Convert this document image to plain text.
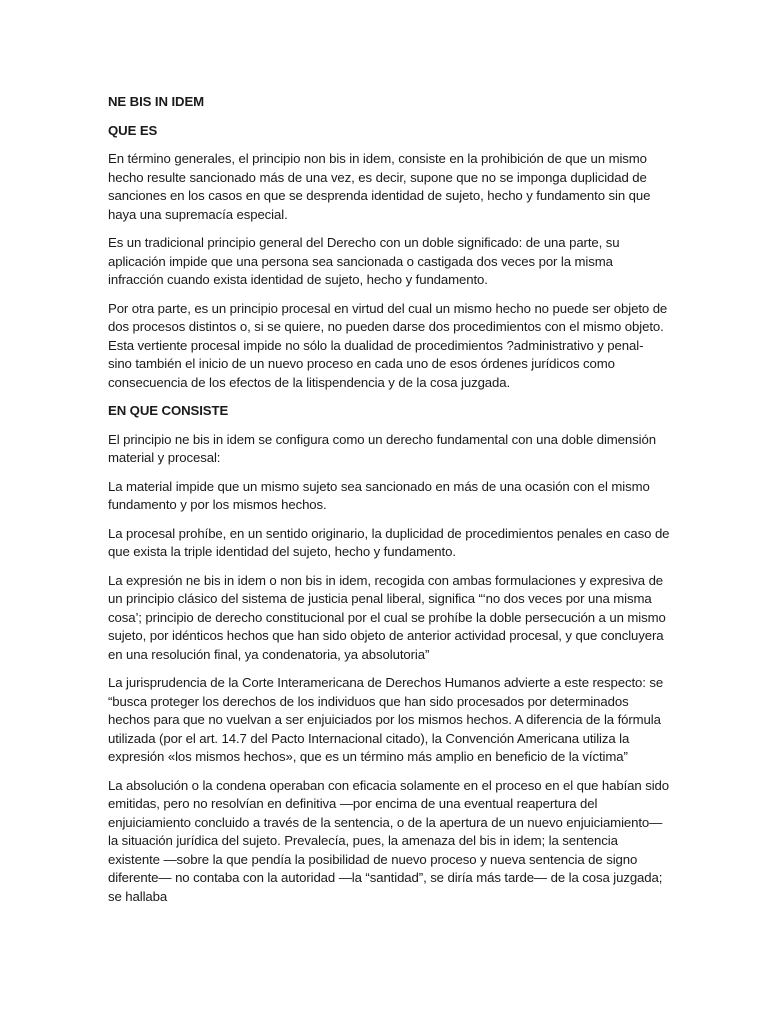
NE BIS IN IDEM
QUE ES

En término generales, el principio non bis in idem, consiste en la prohibición de que un mismo hecho resulte sancionado más de una vez, es decir, supone que no se imponga duplicidad de sanciones en los casos en que se desprenda identidad de sujeto, hecho y fundamento sin que haya una supremacía especial.

Es un tradicional principio general del Derecho con un doble significado: de una parte, su aplicación impide que una persona sea sancionada o castigada dos veces por la misma infracción cuando exista identidad de sujeto, hecho y fundamento.

Por otra parte, es un principio procesal en virtud del cual un mismo hecho no puede ser objeto de dos procesos distintos o, si se quiere, no pueden darse dos procedimientos con el mismo objeto. Esta vertiente procesal impide no sólo la dualidad de procedimientos ?administrativo y penal- sino también el inicio de un nuevo proceso en cada uno de esos órdenes jurídicos como consecuencia de los efectos de la litispendencia y de la cosa juzgada.

EN QUE CONSISTE

El principio ne bis in idem se configura como un derecho fundamental con una doble dimensión material y procesal:

La material impide que un mismo sujeto sea sancionado en más de una ocasión con el mismo fundamento y por los mismos hechos.

La procesal prohíbe, en un sentido originario, la duplicidad de procedimientos penales en caso de que exista la triple identidad del sujeto, hecho y fundamento.

La expresión ne bis in idem o non bis in idem, recogida con ambas formulaciones y expresiva de un principio clásico del sistema de justicia penal liberal, significa “‘no dos veces por una misma cosa’; principio de derecho constitucional por el cual se prohíbe la doble persecución a un mismo sujeto, por idénticos hechos que han sido objeto de anterior actividad procesal, y que concluyera en una resolución final, ya condenatoria, ya absolutoria”

La jurisprudencia de la Corte Interamericana de Derechos Humanos advierte a este respecto: se “busca proteger los derechos de los individuos que han sido procesados por determinados hechos para que no vuelvan a ser enjuiciados por los mismos hechos. A diferencia de la fórmula utilizada (por el art. 14.7 del Pacto Internacional citado), la Convención Americana utiliza la expresión «los mismos hechos», que es un término más amplio en beneficio de la víctima”

La absolución o la condena operaban con eficacia solamente en el proceso en el que habían sido emitidas, pero no resolvían en definitiva —por encima de una eventual reapertura del enjuiciamiento concluido a través de la sentencia, o de la apertura de un nuevo enjuiciamiento— la situación jurídica del sujeto. Prevalecía, pues, la amenaza del bis in idem; la sentencia existente —sobre la que pendía la posibilidad de nuevo proceso y nueva sentencia de signo diferente— no contaba con la autoridad —la “santidad”, se diría más tarde— de la cosa juzgada; se hallaba
